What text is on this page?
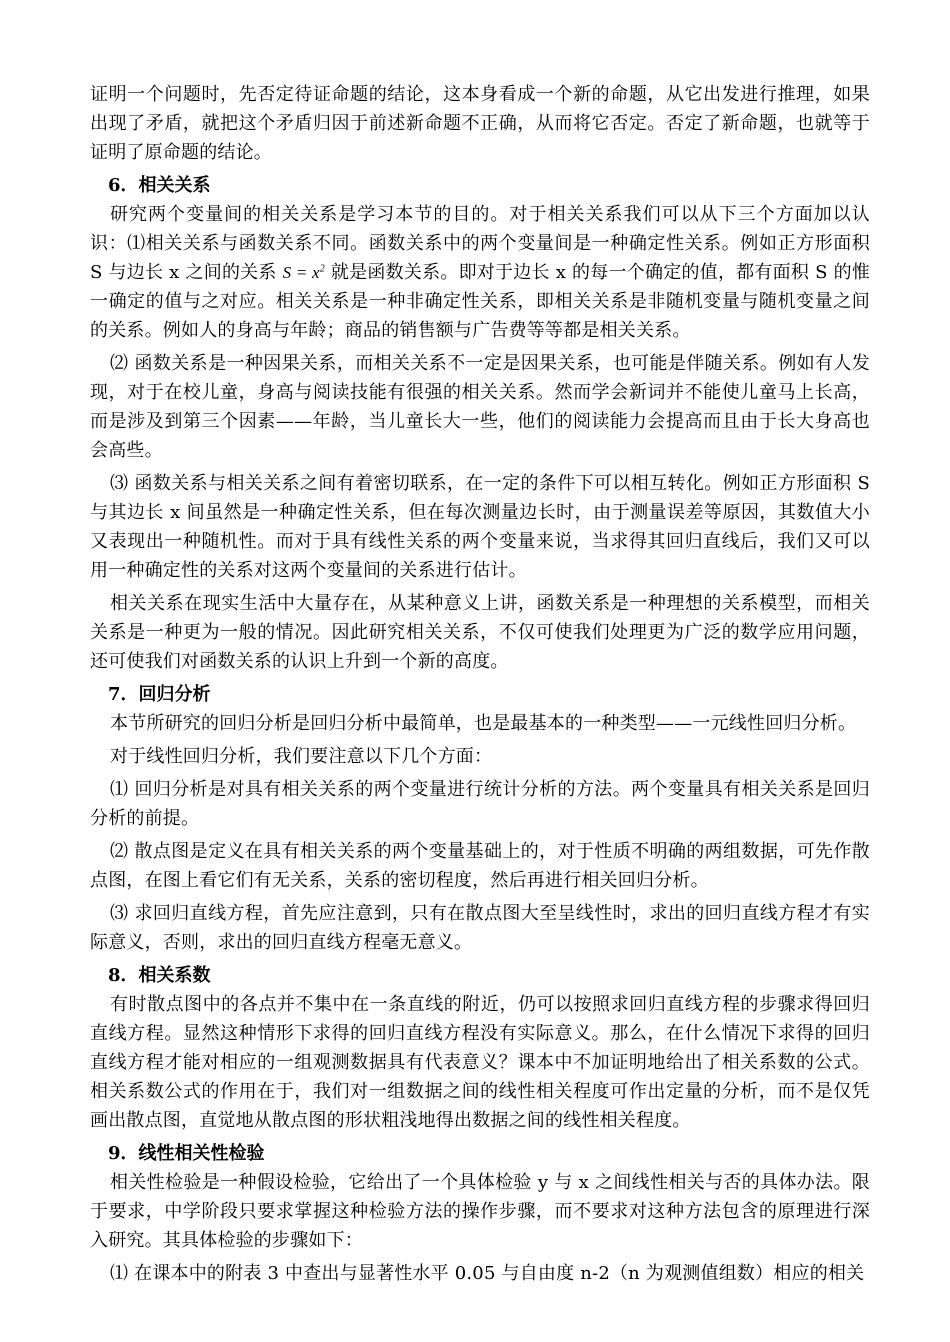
证明一个问题时，先否定待证命题的结论，这本身看成一个新的命题，从它出发进行推理，如果出现了矛盾，就把这个矛盾归因于前述新命题不正确，从而将它否定。否定了新命题，也就等于证明了原命题的结论。

6．相关关系

研究两个变量间的相关关系是学习本节的目的。对于相关关系我们可以从下三个方面加以认识：⑴相关关系与函数关系不同。函数关系中的两个变量间是一种确定性关系。例如正方形面积 S 与边长 x 之间的关系 $S = x^2$ 就是函数关系。即对于边长 x 的每一个确定的值，都有面积 S 的惟一确定的值与之对应。相关关系是一种非确定性关系，即相关关系是非随机变量与随机变量之间的关系。例如人的身高与年龄；商品的销售额与广告费等等都是相关关系。

⑵ 函数关系是一种因果关系，而相关关系不一定是因果关系，也可能是伴随关系。例如有人发现，对于在校儿童，身高与阅读技能有很强的相关关系。然而学会新词并不能使儿童马上长高，而是涉及到第三个因素——年龄，当儿童长大一些，他们的阅读能力会提高而且由于长大身高也会高些。

⑶ 函数关系与相关关系之间有着密切联系，在一定的条件下可以相互转化。例如正方形面积 S 与其边长 x 间虽然是一种确定性关系，但在每次测量边长时，由于测量误差等原因，其数值大小又表现出一种随机性。而对于具有线性关系的两个变量来说，当求得其回归直线后，我们又可以用一种确定性的关系对这两个变量间的关系进行估计。

相关关系在现实生活中大量存在，从某种意义上讲，函数关系是一种理想的关系模型，而相关关系是一种更为一般的情况。因此研究相关关系，不仅可使我们处理更为广泛的数学应用问题，还可使我们对函数关系的认识上升到一个新的高度。

7．回归分析

本节所研究的回归分析是回归分析中最简单，也是最基本的一种类型——一元线性回归分析。

对于线性回归分析，我们要注意以下几个方面：

⑴ 回归分析是对具有相关关系的两个变量进行统计分析的方法。两个变量具有相关关系是回归分析的前提。

⑵ 散点图是定义在具有相关关系的两个变量基础上的，对于性质不明确的两组数据，可先作散点图，在图上看它们有无关系，关系的密切程度，然后再进行相关回归分析。

⑶ 求回归直线方程，首先应注意到，只有在散点图大至呈线性时，求出的回归直线方程才有实际意义，否则，求出的回归直线方程毫无意义。

8．相关系数

有时散点图中的各点并不集中在一条直线的附近，仍可以按照求回归直线方程的步骤求得回归直线方程。显然这种情形下求得的回归直线方程没有实际意义。那么，在什么情况下求得的回归直线方程才能对相应的一组观测数据具有代表意义？课本中不加证明地给出了相关系数的公式。相关系数公式的作用在于，我们对一组数据之间的线性相关程度可作出定量的分析，而不是仅凭画出散点图，直觉地从散点图的形状粗浅地得出数据之间的线性相关程度。

9．线性相关性检验

相关性检验是一种假设检验，它给出了一个具体检验 y 与 x 之间线性相关与否的具体办法。限于要求，中学阶段只要求掌握这种检验方法的操作步骤，而不要求对这种方法包含的原理进行深入研究。其具体检验的步骤如下：

⑴ 在课本中的附表 3 中查出与显著性水平 0.05 与自由度 n-2（n 为观测值组数）相应的相关
